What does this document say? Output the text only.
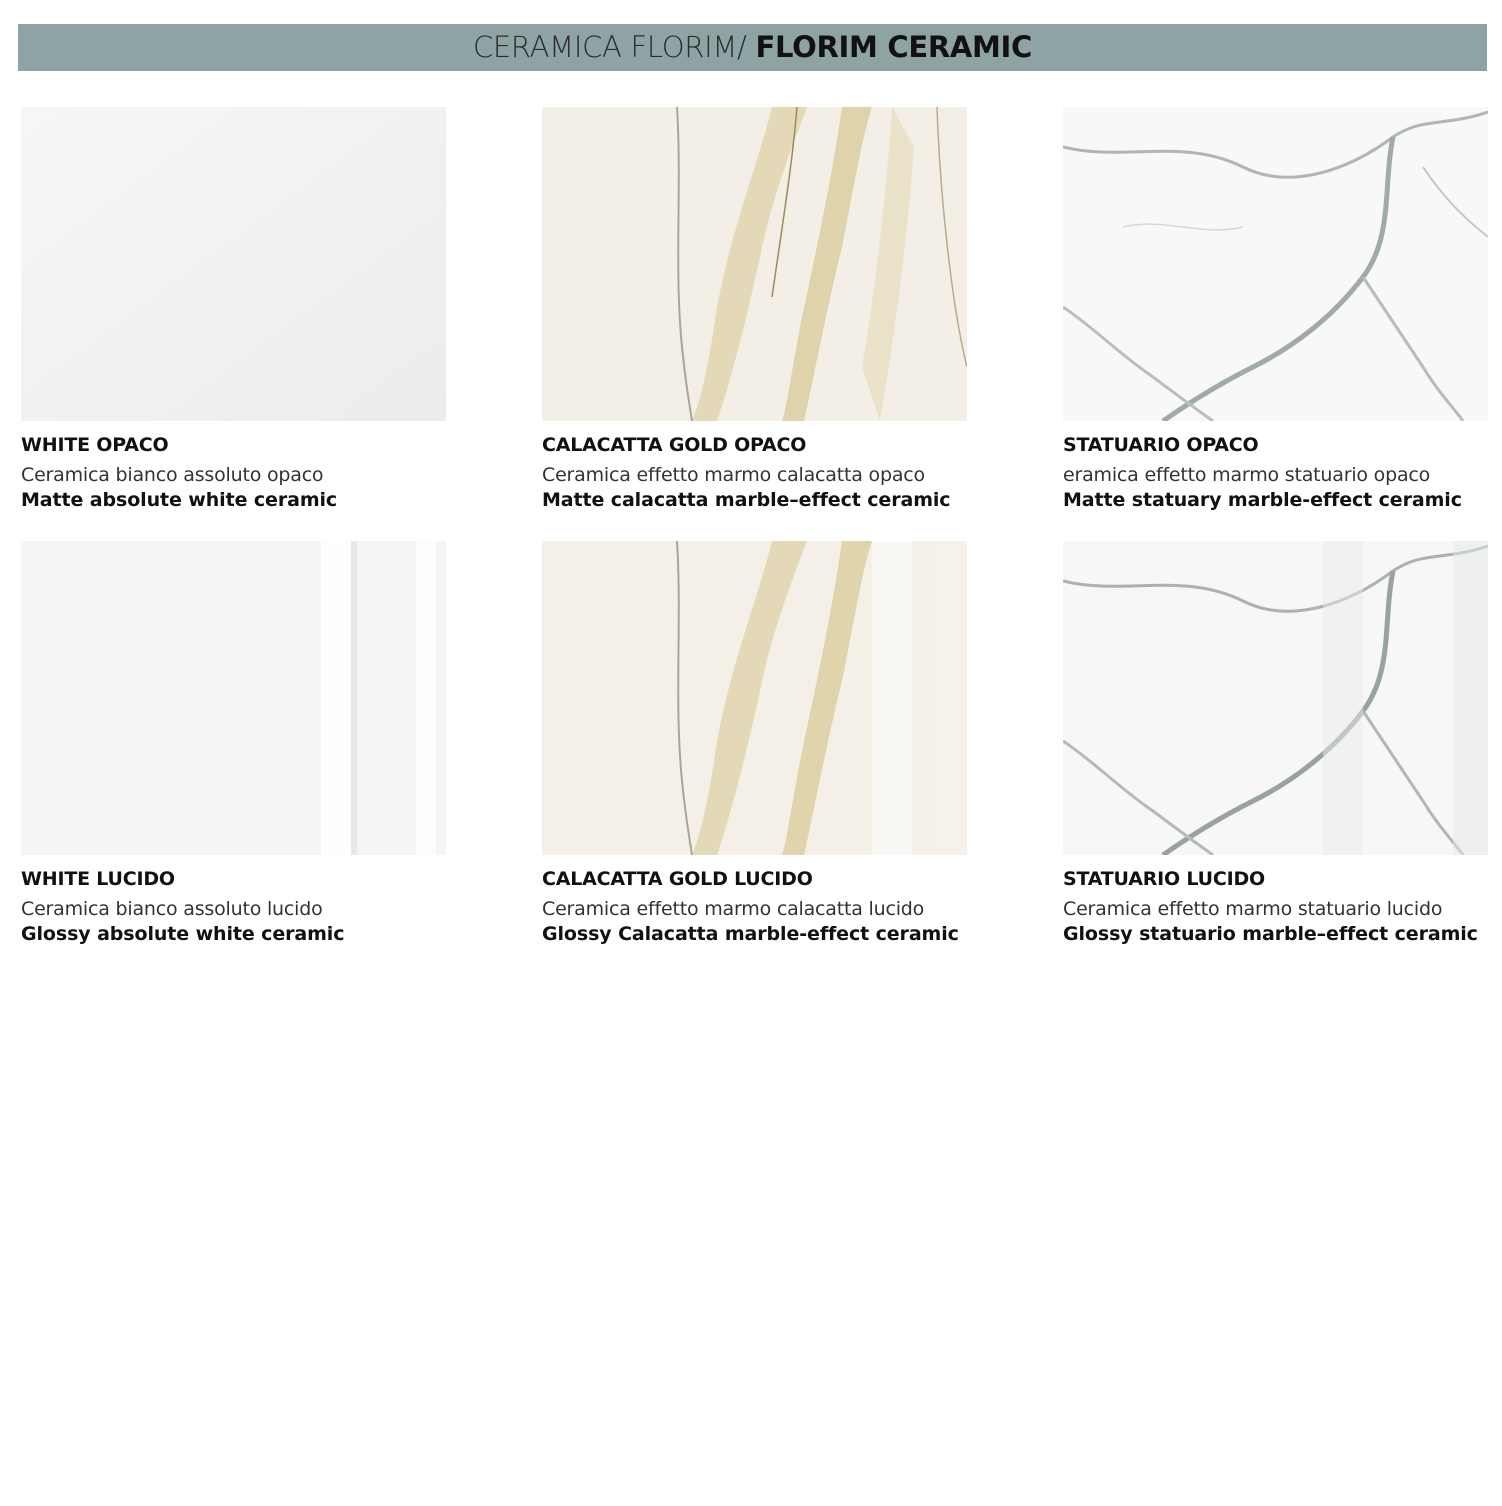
CERAMICA FLORIM/ FLORIM CERAMIC
WHITE OPACO
Ceramica bianco assoluto opaco
Matte absolute white ceramic
CALACATTA GOLD OPACO
Ceramica effetto marmo calacatta opaco
Matte calacatta marble–effect ceramic
STATUARIO OPACO
eramica effetto marmo statuario opaco
Matte statuary marble-effect ceramic
WHITE LUCIDO
Ceramica bianco assoluto lucido
Glossy absolute white ceramic
CALACATTA GOLD LUCIDO
Ceramica effetto marmo calacatta lucido
Glossy Calacatta marble-effect ceramic
STATUARIO LUCIDO
Ceramica effetto marmo statuario lucido
Glossy statuario marble–effect ceramic
